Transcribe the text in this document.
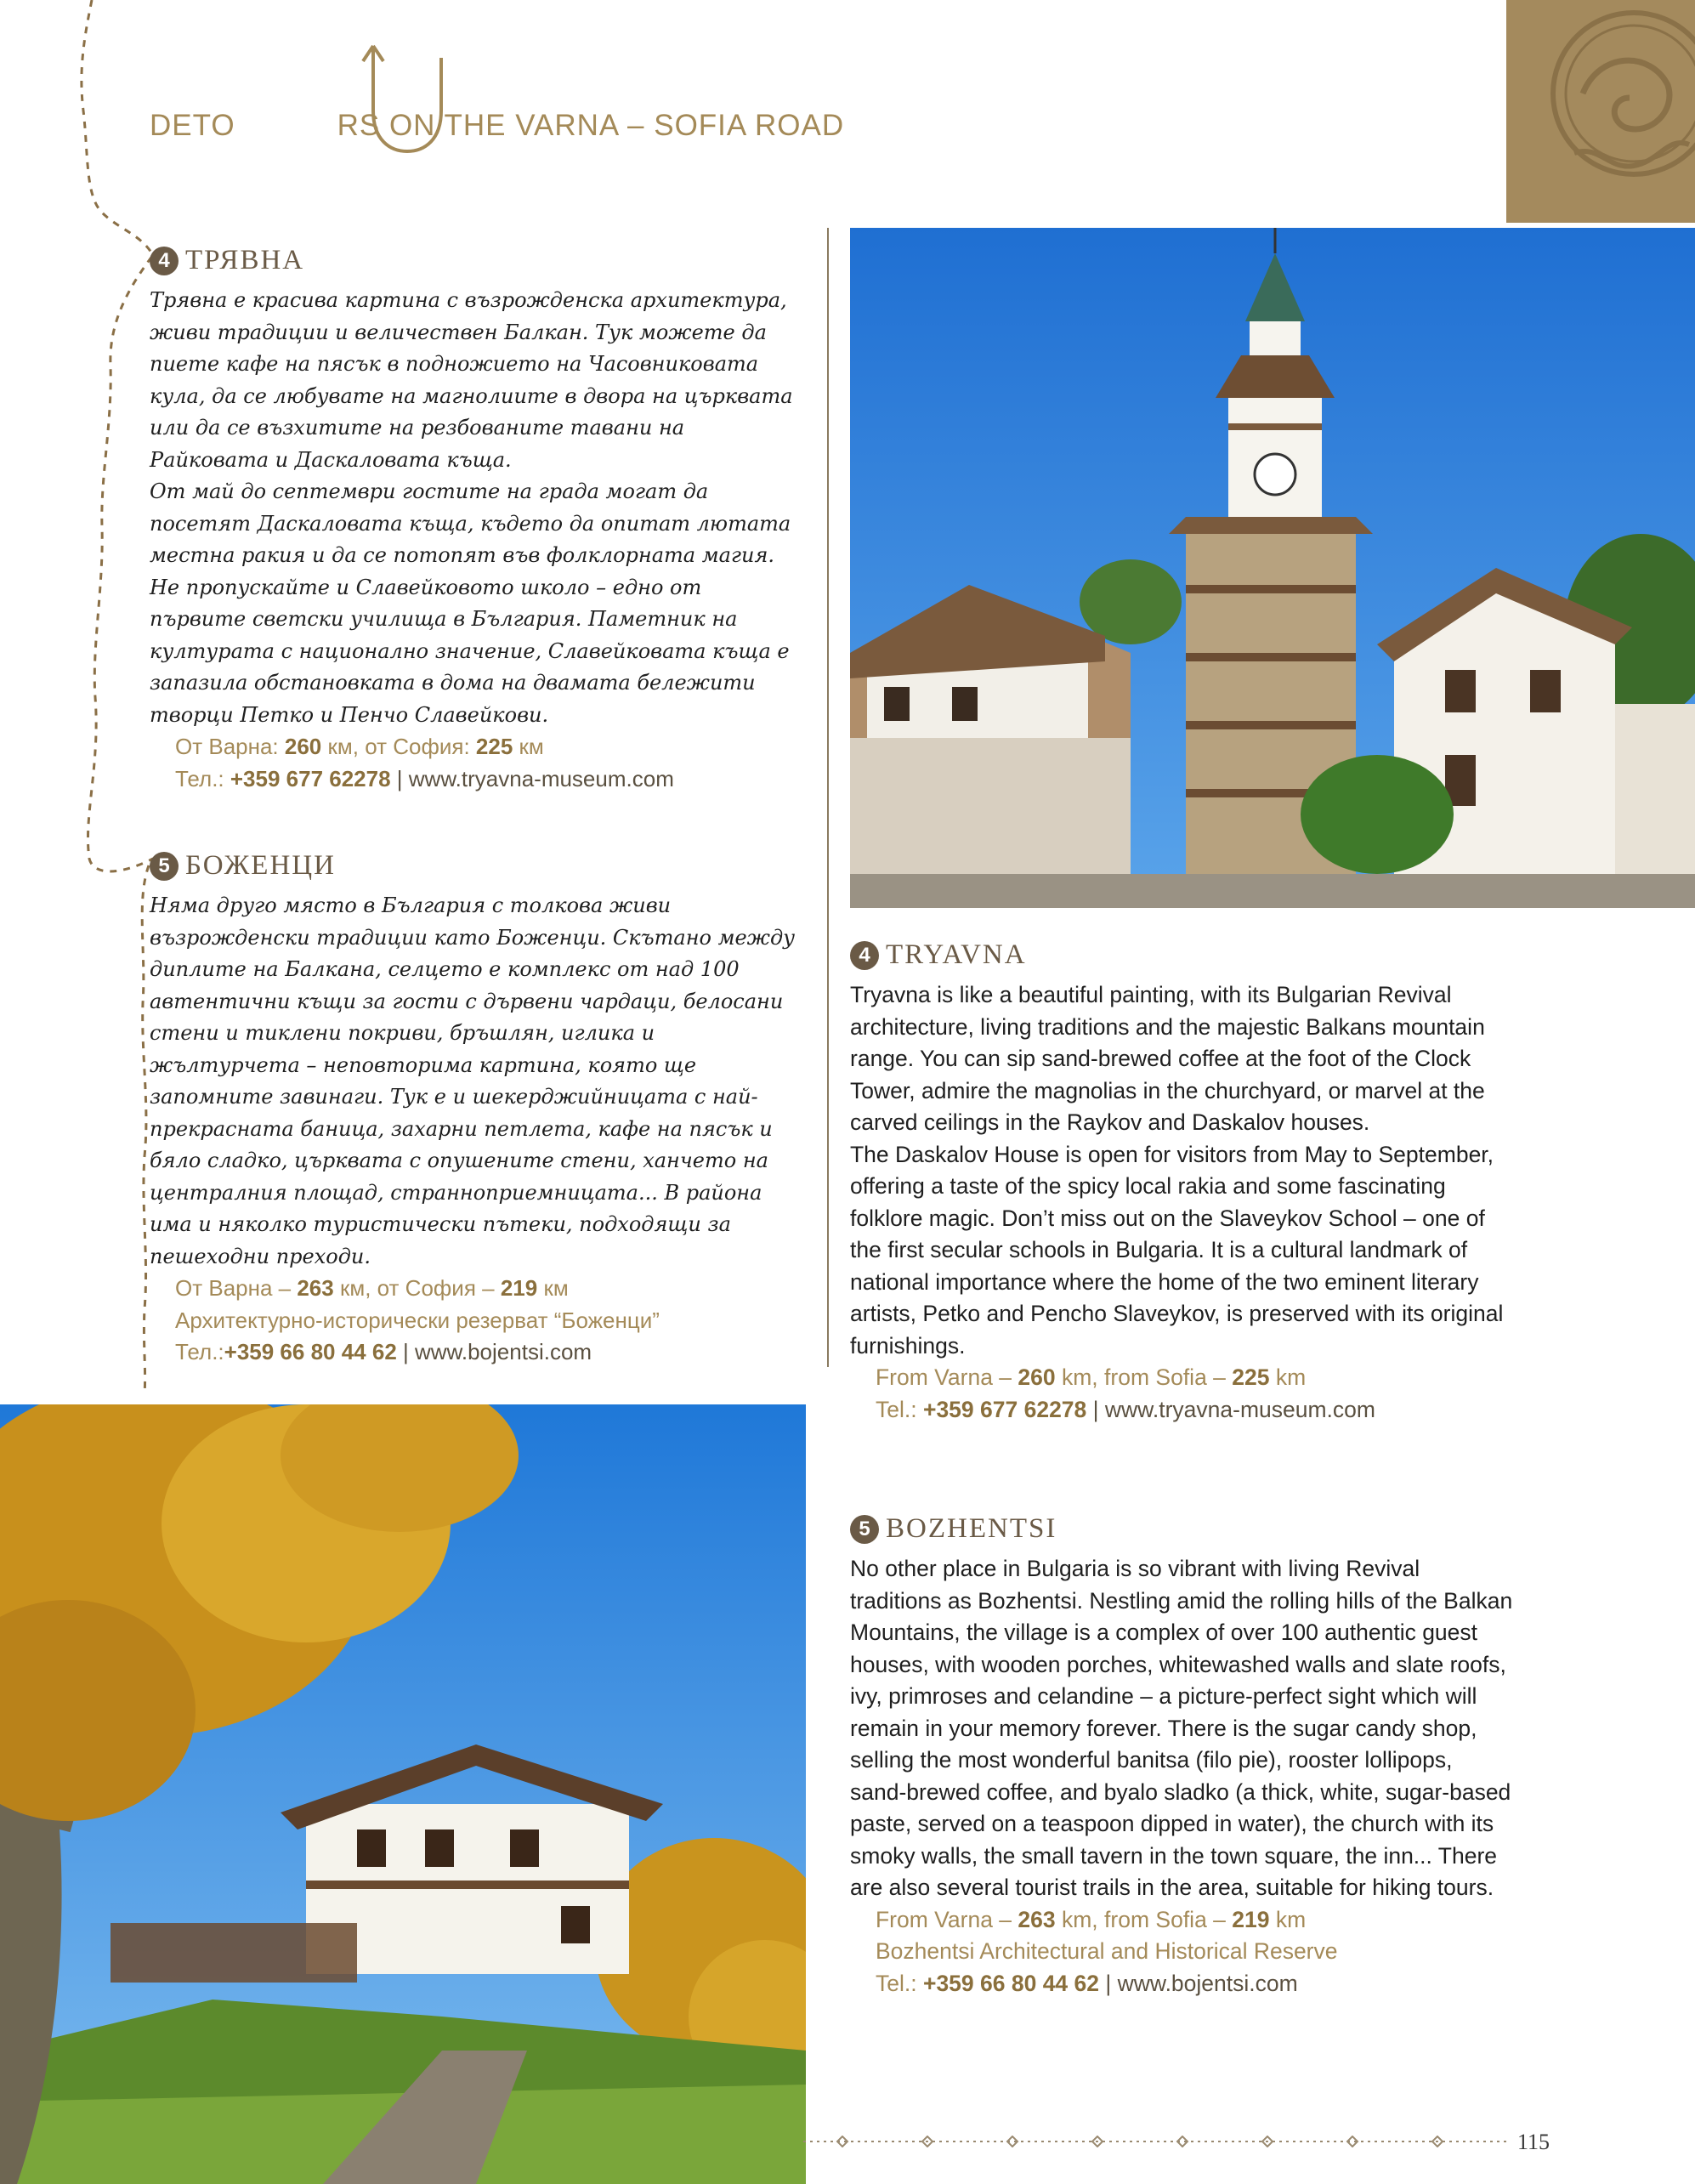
DETO	RS ON THE VARNA – SOFIA ROAD
4 ТРЯВНА

Трявна е красива картина с възрожденска архитектура, живи традиции и величествен Балкан. Тук можете да пиете кафе на пясък в подножието на Часовниковата кула, да се любувате на магнолиите в двора на църквата или да се възхитите на резбованите тавани на Райковата и Даскаловата къща.

От май до септември гостите на града могат да посетят Даскаловата къща, където да опитат лютата местна ракия и да се потопят във фолклорната магия. Не пропускайте и Славейковото школо – едно от първите светски училища в България. Паметник на културата с национално значение, Славейковата къща е запазила обстановката в дома на двамата бележити творци Петко и Пенчо Славейкови.

От Варна: 260 км, от София: 225 км

Тел.: +359 677 62278 | www.tryavna-museum.com

5 БОЖЕНЦИ

Няма друго място в България с толкова живи възрожденски традиции като Боженци. Скътано между диплите на Балкана, селцето е комплекс от над 100 автентични къщи за гости с дървени чардаци, белосани стени и тиклени покриви, бръшлян, иглика и жълтурчета – неповторима картина, която ще запомните завинаги. Тук е и шекерджийницата с най-прекрасната баница, захарни петлета, кафе на пясък и бяло сладко, църквата с опушените стени, ханчето на централния площад, странноприемницата... В района има и няколко туристически пътеки, подходящи за пешеходни преходи.

От Варна – 263 км, от София – 219 км

Архитектурно-исторически резерват “Боженци”

Тел.:+359 66 80 44 62 | www.bojentsi.com

4 TRYAVNA

Tryavna is like a beautiful painting, with its Bulgarian Revival architecture, living traditions and the majestic Balkans mountain range. You can sip sand-brewed coffee at the foot of the Clock Tower, admire the magnolias in the churchyard, or marvel at the carved ceilings in the Raykov and Daskalov houses.

The Daskalov House is open for visitors from May to September, offering a taste of the spicy local rakia and some fascinating folklore magic. Don’t miss out on the Slaveykov School – one of the first secular schools in Bulgaria. It is a cultural landmark of national importance where the home of the two eminent literary artists, Petko and Pencho Slaveykov, is preserved with its original furnishings.

From Varna – 260 km, from Sofia – 225 km

Tel.: +359 677 62278 | www.tryavna-museum.com

5 BOZHENTSI

No other place in Bulgaria is so vibrant with living Revival traditions as Bozhentsi. Nestling amid the rolling hills of the Balkan Mountains, the village is a complex of over 100 authentic guest houses, with wooden porches, whitewashed walls and slate roofs, ivy, primroses and celandine – a picture-perfect sight which will remain in your memory forever. There is the sugar candy shop, selling the most wonderful banitsa (filo pie), rooster lollipops, sand-brewed coffee, and byalo sladko (a thick, white, sugar-based paste, served on a teaspoon dipped in water), the church with its smoky walls, the small tavern in the town square, the inn... There are also several tourist trails in the area, suitable for hiking tours.

From Varna – 263 km, from Sofia – 219 km

Bozhentsi Architectural and Historical Reserve

Tel.: +359 66 80 44 62 | www.bojentsi.com

115
